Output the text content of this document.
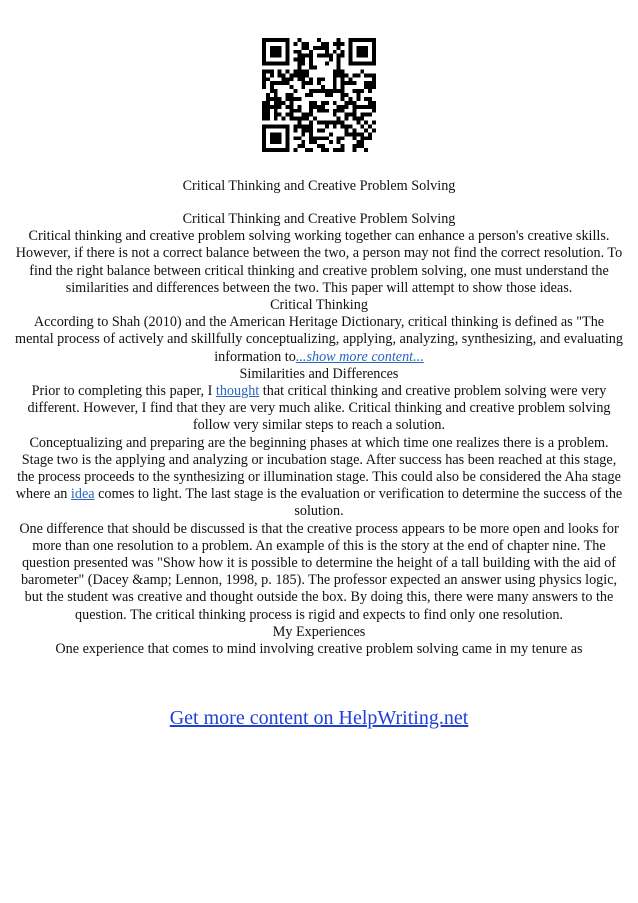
Critical Thinking and Creative Problem Solving

Critical Thinking and Creative Problem Solving

Critical thinking and creative problem solving working together can enhance a person's creative skills. However, if there is not a correct balance between the two, a person may not find the correct resolution. To find the right balance between critical thinking and creative problem solving, one must understand the similarities and differences between the two. This paper will attempt to show those ideas.

Critical Thinking

According to Shah (2010) and the American Heritage Dictionary, critical thinking is defined as "The mental process of actively and skillfully conceptualizing, applying, analyzing, synthesizing, and evaluating information to...show more content...

Similarities and Differences

Prior to completing this paper, I thought that critical thinking and creative problem solving were very different. However, I find that they are very much alike. Critical thinking and creative problem solving follow very similar steps to reach a solution.

Conceptualizing and preparing are the beginning phases at which time one realizes there is a problem. Stage two is the applying and analyzing or incubation stage. After success has been reached at this stage, the process proceeds to the synthesizing or illumination stage. This could also be considered the Aha stage where an idea comes to light. The last stage is the evaluation or verification to determine the success of the solution.

One difference that should be discussed is that the creative process appears to be more open and looks for more than one resolution to a problem. An example of this is the story at the end of chapter nine. The question presented was "Show how it is possible to determine the height of a tall building with the aid of barometer" (Dacey &amp; Lennon, 1998, p. 185). The professor expected an answer using physics logic, but the student was creative and thought outside the box. By doing this, there were many answers to the question. The critical thinking process is rigid and expects to find only one resolution.

My Experiences

One experience that comes to mind involving creative problem solving came in my tenure as

Get more content on HelpWriting.net
